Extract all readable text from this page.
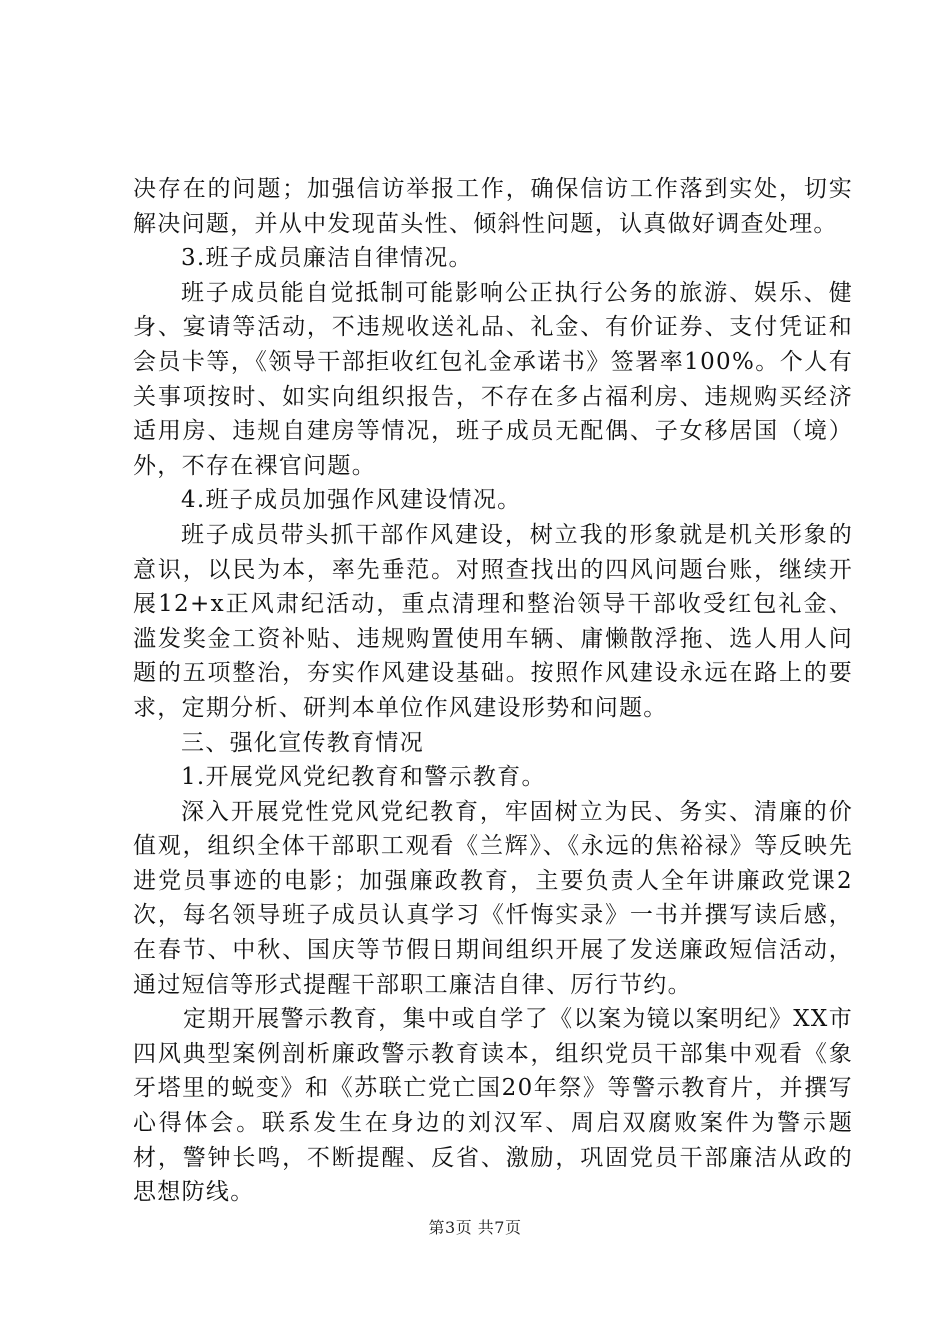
决存在的问题；加强信访举报工作，确保信访工作落到实处，切实解决问题，并从中发现苗头性、倾斜性问题，认真做好调查处理。

3.班子成员廉洁自律情况。

班子成员能自觉抵制可能影响公正执行公务的旅游、娱乐、健身、宴请等活动，不违规收送礼品、礼金、有价证券、支付凭证和会员卡等，《领导干部拒收红包礼金承诺书》签署率100%。个人有关事项按时、如实向组织报告，不存在多占福利房、违规购买经济适用房、违规自建房等情况，班子成员无配偶、子女移居国（境）外，不存在裸官问题。

4.班子成员加强作风建设情况。

班子成员带头抓干部作风建设，树立我的形象就是机关形象的意识，以民为本，率先垂范。对照查找出的四风问题台账，继续开展12+x正风肃纪活动，重点清理和整治领导干部收受红包礼金、滥发奖金工资补贴、违规购置使用车辆、庸懒散浮拖、选人用人问题的五项整治，夯实作风建设基础。按照作风建设永远在路上的要求，定期分析、研判本单位作风建设形势和问题。

三、强化宣传教育情况

1.开展党风党纪教育和警示教育。

深入开展党性党风党纪教育，牢固树立为民、务实、清廉的价值观，组织全体干部职工观看《兰辉》、《永远的焦裕禄》等反映先进党员事迹的电影；加强廉政教育，主要负责人全年讲廉政党课2次，每名领导班子成员认真学习《忏悔实录》一书并撰写读后感，在春节、中秋、国庆等节假日期间组织开展了发送廉政短信活动，通过短信等形式提醒干部职工廉洁自律、厉行节约。

定期开展警示教育，集中或自学了《以案为镜以案明纪》XX市四风典型案例剖析廉政警示教育读本，组织党员干部集中观看《象牙塔里的蜕变》和《苏联亡党亡国20年祭》等警示教育片，并撰写心得体会。联系发生在身边的刘汉军、周启双腐败案件为警示题材，警钟长鸣，不断提醒、反省、激励，巩固党员干部廉洁从政的思想防线。

第3页 共7页
